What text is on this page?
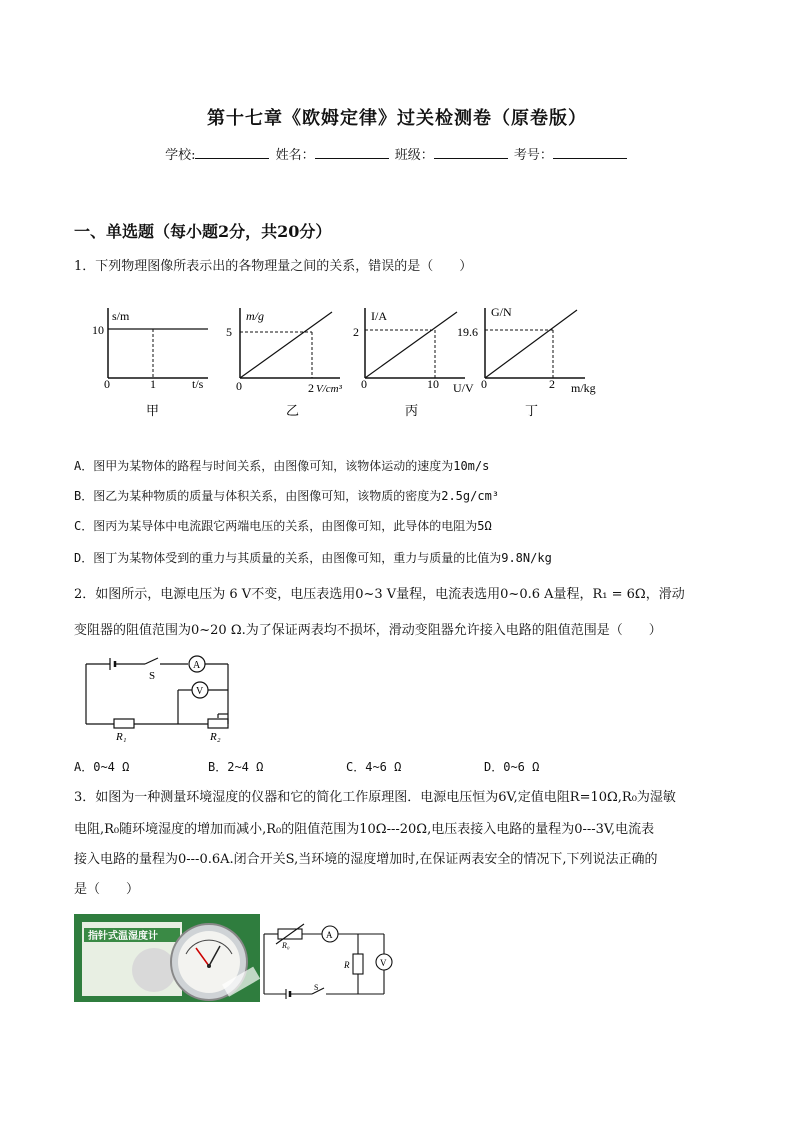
第十七章《欧姆定律》过关检测卷（原卷版）
学校:	姓名：	班级：	考号：
一、单选题（每小题2分，共20分）
1．下列物理图像所表示出的各物理量之间的关系，错误的是（　　）
s/m
10
0	1	t/s
甲
m/g
5
0	2 V/cm³
乙
I/A
2
0	10 U/V
丙
G/N
19.6
0	2 m/kg
丁
A．图甲为某物体的路程与时间关系，由图像可知，该物体运动的速度为10m/s
B．图乙为某种物质的质量与体积关系，由图像可知，该物质的密度为2.5g/cm³
C．图丙为某导体中电流跟它两端电压的关系，由图像可知，此导体的电阻为5Ω
D．图丁为某物体受到的重力与其质量的关系，由图像可知，重力与质量的比值为9.8N/kg
2．如图所示，电源电压为 6 V不变，电压表选用0~3 V量程，电流表选用0~0.6 A量程，R₁ = 6Ω，滑动
变阻器的阻值范围为0~20 Ω.为了保证两表均不损坏，滑动变阻器允许接入电路的阻值范围是（　　）
S
A
V
R₁	R₂
A．0~4 Ω	B．2~4 Ω	C．4~6 Ω	D．0~6 Ω
3．如图为一种测量环境湿度的仪器和它的简化工作原理图．电源电压恒为6V,定值电阻R=10Ω,R₀为湿敏
电阻,R₀随环境湿度的增加而减小,R₀的阻值范围为10Ω---20Ω,电压表接入电路的量程为0---3V,电流表
接入电路的量程为0---0.6A.闭合开关S,当环境的湿度增加时,在保证两表安全的情况下,下列说法正确的
是（　　）
指针式温湿度计
R₀
A
R	V
S
